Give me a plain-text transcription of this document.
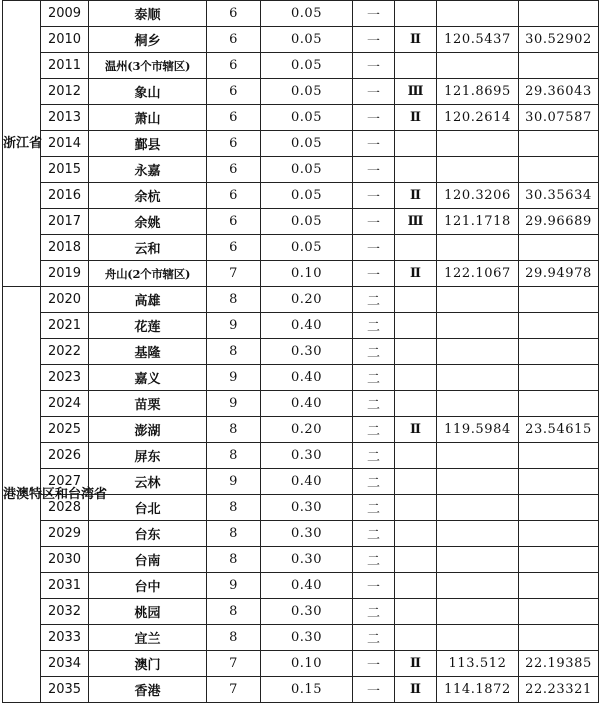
浙江省	2009	泰顺	6	0.05	一			
	2010	桐乡	6	0.05	一	Ⅱ	120.5437	30.52902
	2011	温州(3个市辖区)	6	0.05	一			
	2012	象山	6	0.05	一	Ⅲ	121.8695	29.36043
	2013	萧山	6	0.05	一	Ⅱ	120.2614	30.07587
	2014	鄞县	6	0.05	一			
	2015	永嘉	6	0.05	一			
	2016	余杭	6	0.05	一	Ⅱ	120.3206	30.35634
	2017	余姚	6	0.05	一	Ⅲ	121.1718	29.96689
	2018	云和	6	0.05	一			
	2019	舟山(2个市辖区)	7	0.10	一	Ⅱ	122.1067	29.94978
港澳特区和台湾省	2020	高雄	8	0.20	二			
	2021	花莲	9	0.40	二			
	2022	基隆	8	0.30	二			
	2023	嘉义	9	0.40	二			
	2024	苗栗	9	0.40	二			
	2025	澎湖	8	0.20	二	Ⅱ	119.5984	23.54615
	2026	屏东	8	0.30	二			
	2027	云林	9	0.40	二			
	2028	台北	8	0.30	二			
	2029	台东	8	0.30	二			
	2030	台南	8	0.30	二			
	2031	台中	9	0.40	一			
	2032	桃园	8	0.30	二			
	2033	宜兰	8	0.30	二			
	2034	澳门	7	0.10	一	Ⅱ	113.512	22.19385
	2035	香港	7	0.15	一	Ⅱ	114.1872	22.23321
